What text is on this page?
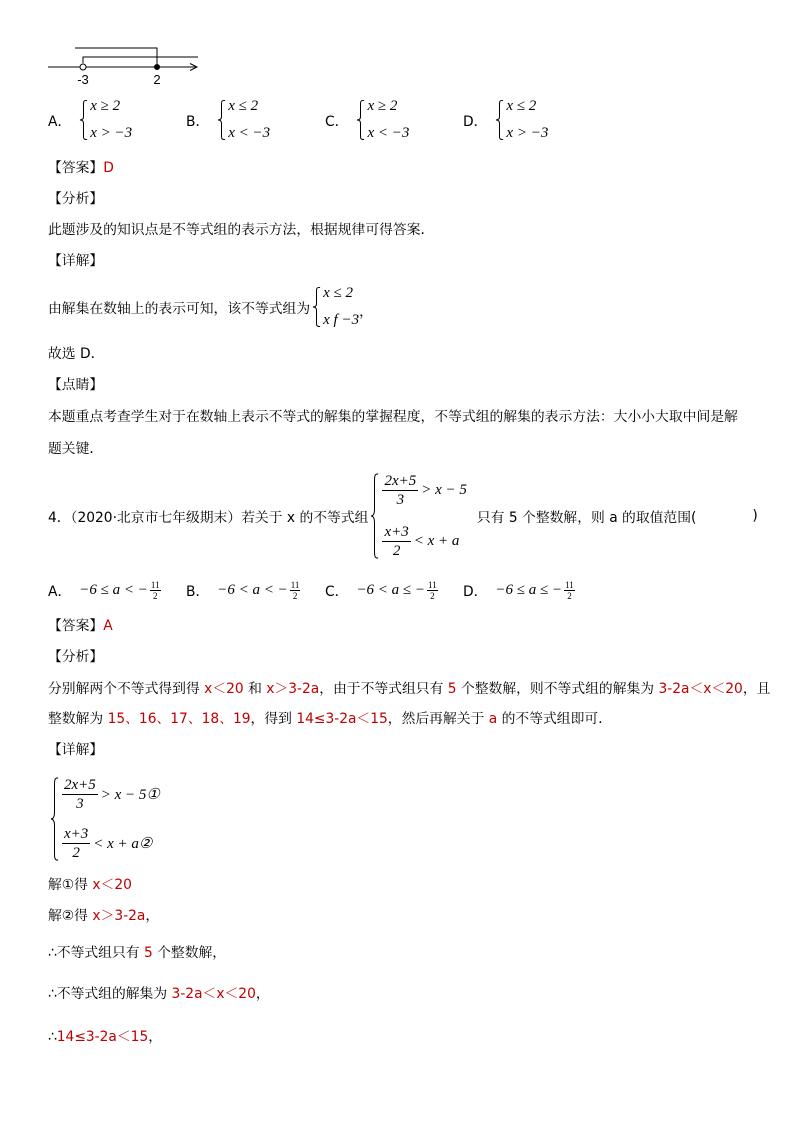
-3	2
A．
x ≥ 2
x > −3
B．
x ≤ 2
x < −3
C．
x ≥ 2
x < −3
D．
x ≤ 2
x > −3
【答案】D
【分析】
此题涉及的知识点是不等式组的表示方法，根据规律可得答案．
【详解】
由解集在数轴上的表示可知，该不等式组为
x ≤ 2
x f −3 ，
故选 D．
【点睛】
本题重点考查学生对于在数轴上表示不等式的解集的掌握程度，不等式组的解集的表示方法：大小小大取中间是解
题关键．
4．（2020·北京市七年级期末）若关于 x 的不等式组
$\frac{2x+5}{3} > x - 5$
$\frac{x+3}{2} < x + a$
只有 5 个整数解，则 a 的取值范围(	)
A． −6 ≤ a < − $\frac{11}{2}$ B． −6 < a < − $\frac{11}{2}$ C． −6 < a ≤ − $\frac{11}{2}$ D． −6 ≤ a ≤ − $\frac{11}{2}$
【答案】A
【分析】
分别解两个不等式得到得 x＜20 和 x＞3-2a，由于不等式组只有 5 个整数解，则不等式组的解集为 3-2a＜x＜20，且
整数解为 15、16、17、18、19，得到 14≤3-2a＜15，然后再解关于 a 的不等式组即可．
【详解】
$\frac{2x+5}{3} > x$ − 5①
$\frac{x+3}{2} < x$ + a②
解①得 x＜20
解②得 x＞3-2a，
∴不等式组只有 5 个整数解，
∴不等式组的解集为 3-2a＜x＜20，
∴14≤3-2a＜15，
